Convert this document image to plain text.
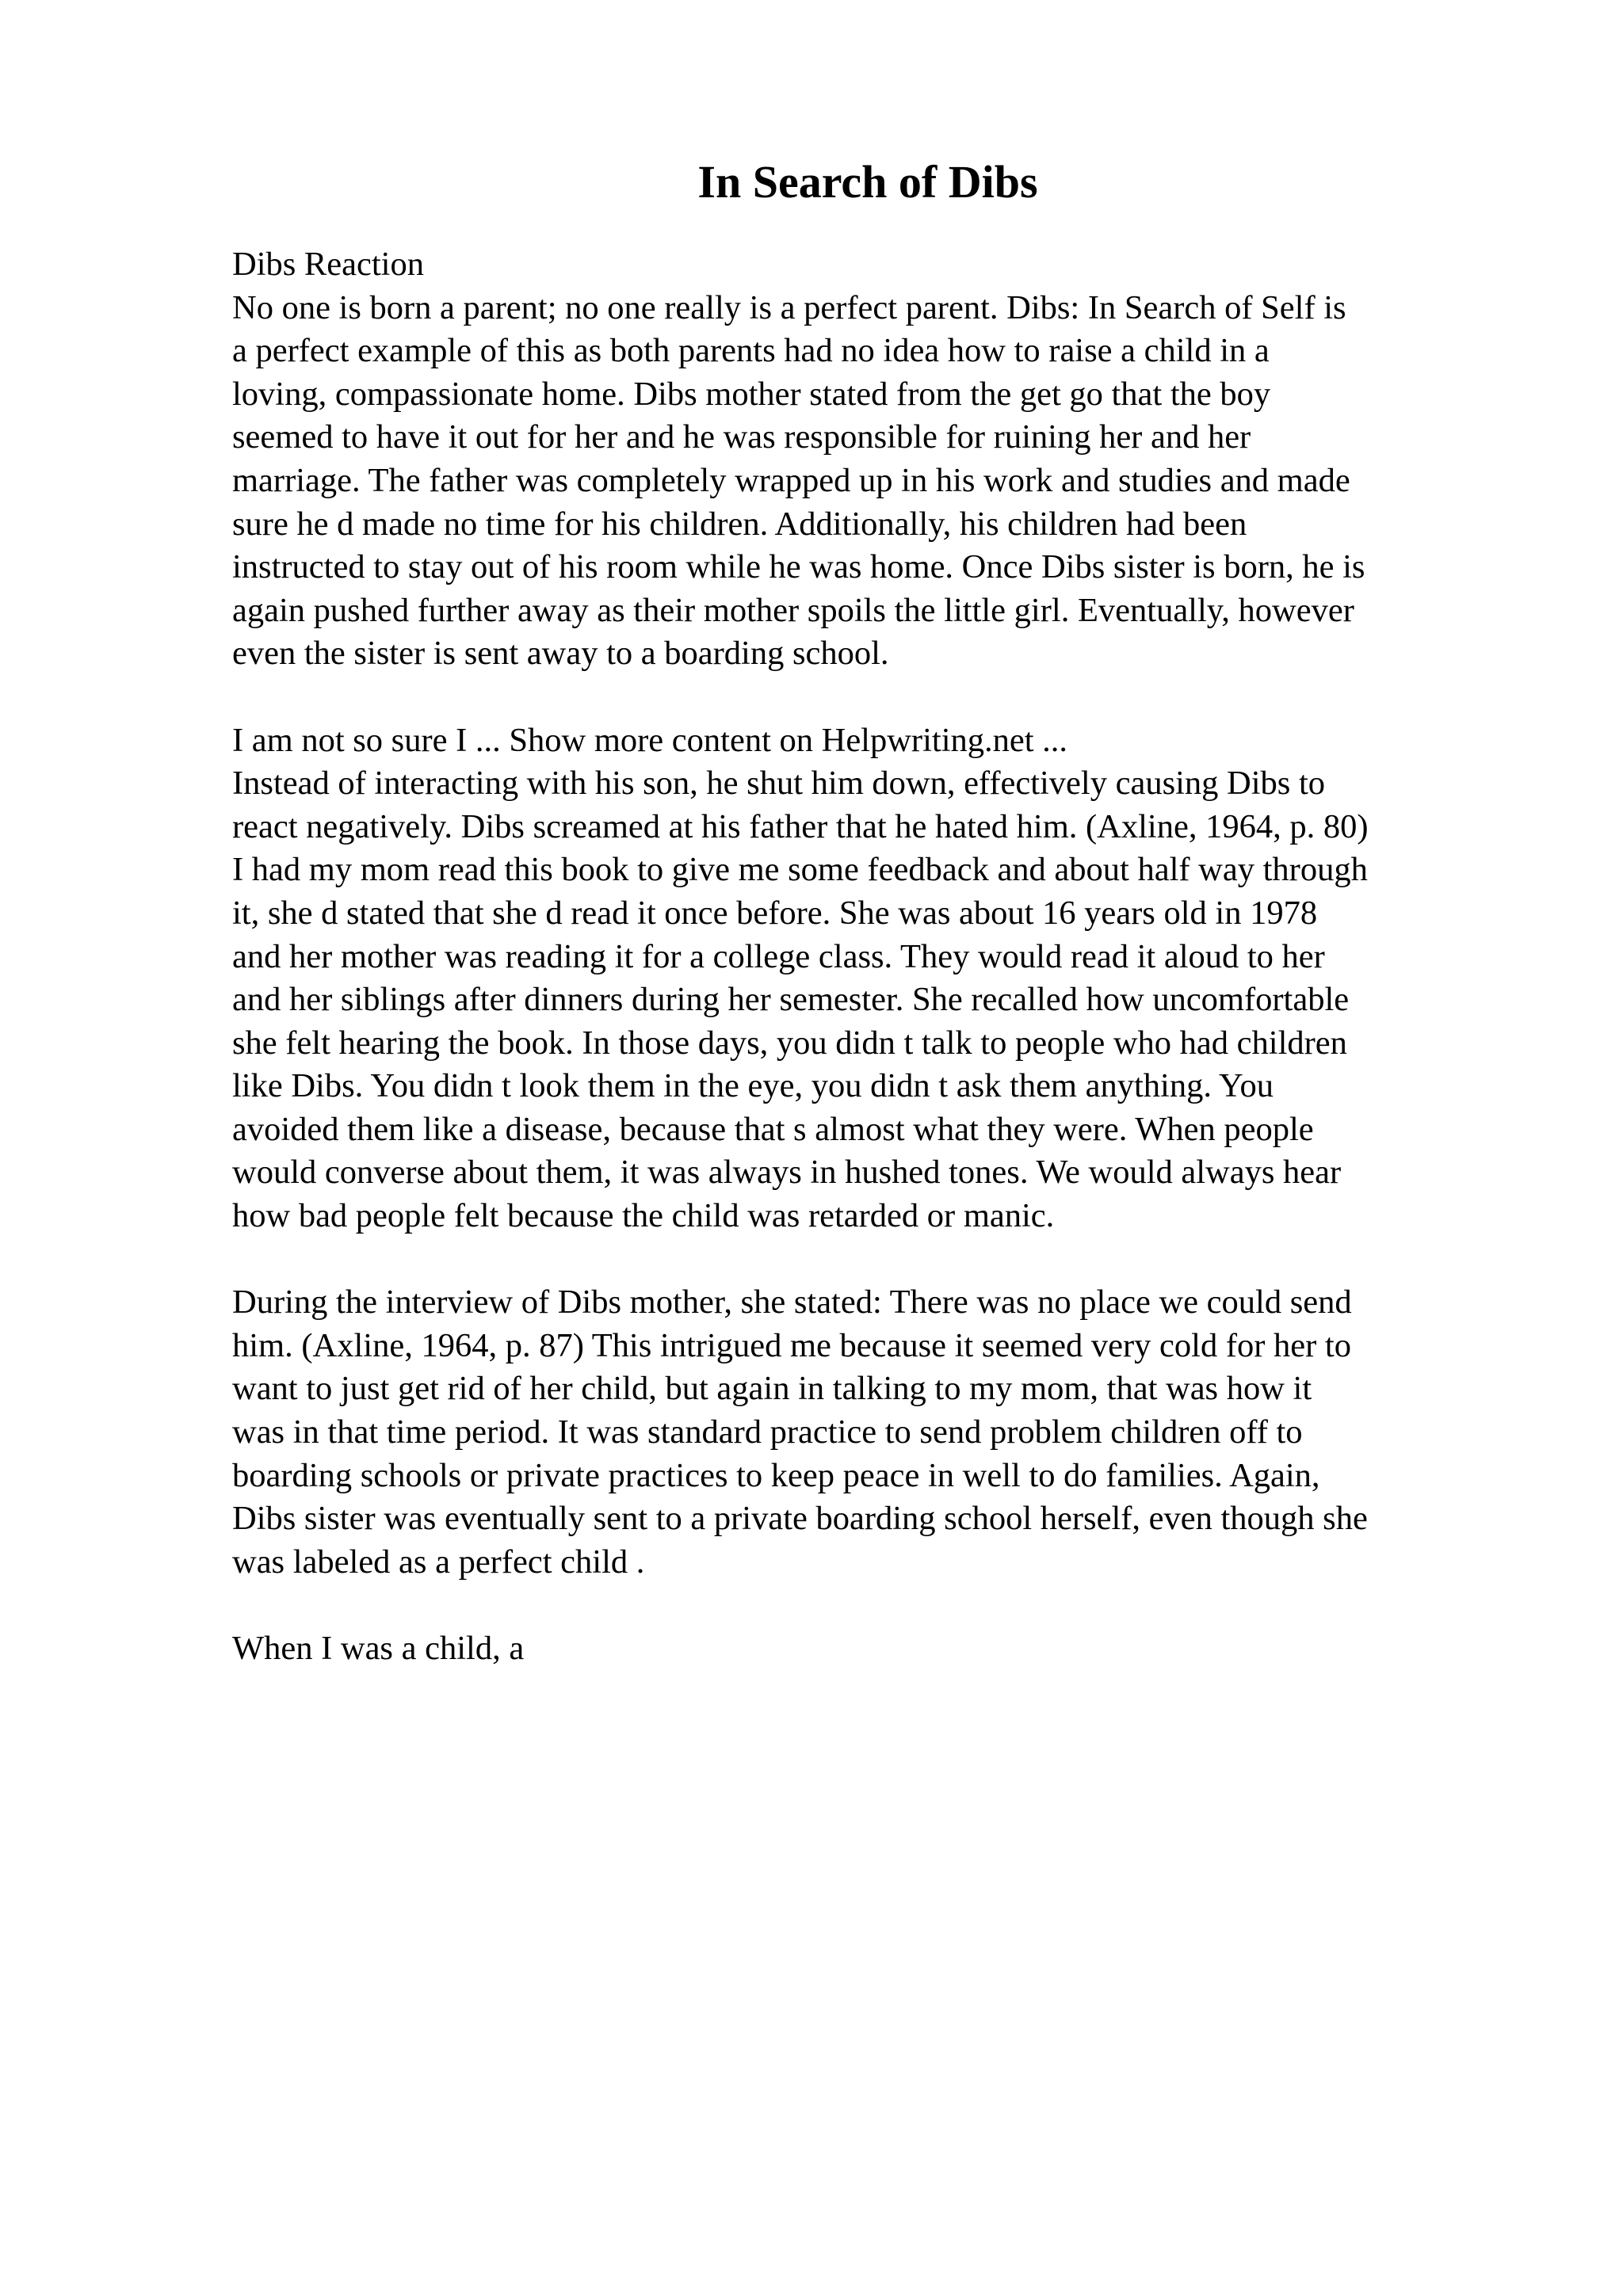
In Search of Dibs
Dibs Reaction
No one is born a parent; no one really is a perfect parent. Dibs: In Search of Self is
a perfect example of this as both parents had no idea how to raise a child in a
loving, compassionate home. Dibs mother stated from the get go that the boy
seemed to have it out for her and he was responsible for ruining her and her
marriage. The father was completely wrapped up in his work and studies and made
sure he d made no time for his children. Additionally, his children had been
instructed to stay out of his room while he was home. Once Dibs sister is born, he is
again pushed further away as their mother spoils the little girl. Eventually, however
even the sister is sent away to a boarding school.
I am not so sure I ... Show more content on Helpwriting.net ...
Instead of interacting with his son, he shut him down, effectively causing Dibs to
react negatively. Dibs screamed at his father that he hated him. (Axline, 1964, p. 80)
I had my mom read this book to give me some feedback and about half way through
it, she d stated that she d read it once before. She was about 16 years old in 1978
and her mother was reading it for a college class. They would read it aloud to her
and her siblings after dinners during her semester. She recalled how uncomfortable
she felt hearing the book. In those days, you didn t talk to people who had children
like Dibs. You didn t look them in the eye, you didn t ask them anything. You
avoided them like a disease, because that s almost what they were. When people
would converse about them, it was always in hushed tones. We would always hear
how bad people felt because the child was retarded or manic.
During the interview of Dibs mother, she stated: There was no place we could send
him. (Axline, 1964, p. 87) This intrigued me because it seemed very cold for her to
want to just get rid of her child, but again in talking to my mom, that was how it
was in that time period. It was standard practice to send problem children off to
boarding schools or private practices to keep peace in well to do families. Again,
Dibs sister was eventually sent to a private boarding school herself, even though she
was labeled as a perfect child .
When I was a child, a
